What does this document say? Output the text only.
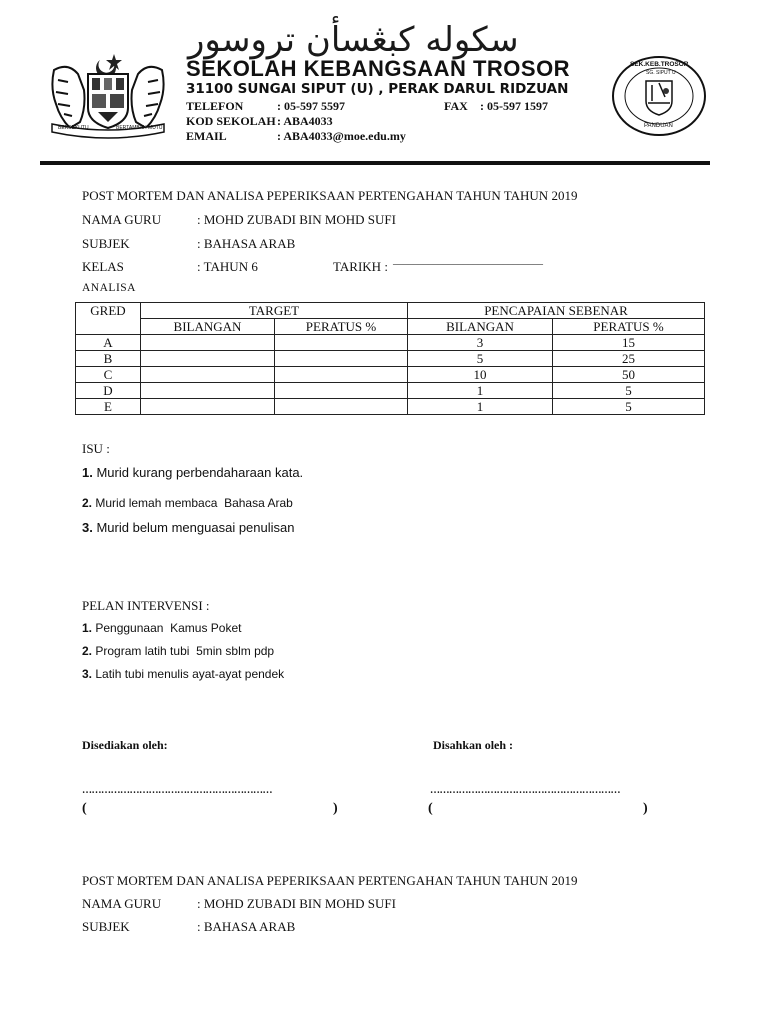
BERSEKUTU	BERTAMBAH MUTU
سکوله کبڠسأن تروسور
SEKOLAH KEBANGSAAN TROSOR
31100 SUNGAI SIPUT (U) , PERAK DARUL RIDZUAN
TELEFON	: 05-597 5597	FAX : 05-597 1597
KOD SEKOLAH : ABA4033
EMAIL	: ABA4033@moe.edu.my
SEK.KEB.TROSOR
SG. SIPUT U
PANDUAN
POST MORTEM DAN ANALISA PEPERIKSAAN PERTENGAHAN TAHUN TAHUN 2019
NAMA GURU	: MOHD ZUBADI BIN MOHD SUFI
SUBJEK	: BAHASA ARAB
KELAS	: TAHUN 6	TARIKH : ______________________________
ANALISA
GRED	TARGET		PENCAPAIAN SEBENAR	
	BILANGAN	PERATUS %	BILANGAN	PERATUS %
A			3	15
B			5	25
C			10	50
D			1	5
E			1	5
ISU :
1. Murid kurang perbendaharaan kata.
2. Murid lemah membaca  Bahasa Arab
3. Murid belum menguasai penulisan
PELAN INTERVENSI :
1. Penggunaan  Kamus Poket
2. Program latih tubi  5min sblm pdp
3. Latih tubi menulis ayat-ayat pendek
Disediakan oleh:	Disahkan oleh :
……………………………………………………	……………………………………………………
(	)	(	)
POST MORTEM DAN ANALISA PEPERIKSAAN PERTENGAHAN TAHUN TAHUN 2019
NAMA GURU	: MOHD ZUBADI BIN MOHD SUFI
SUBJEK	: BAHASA ARAB
